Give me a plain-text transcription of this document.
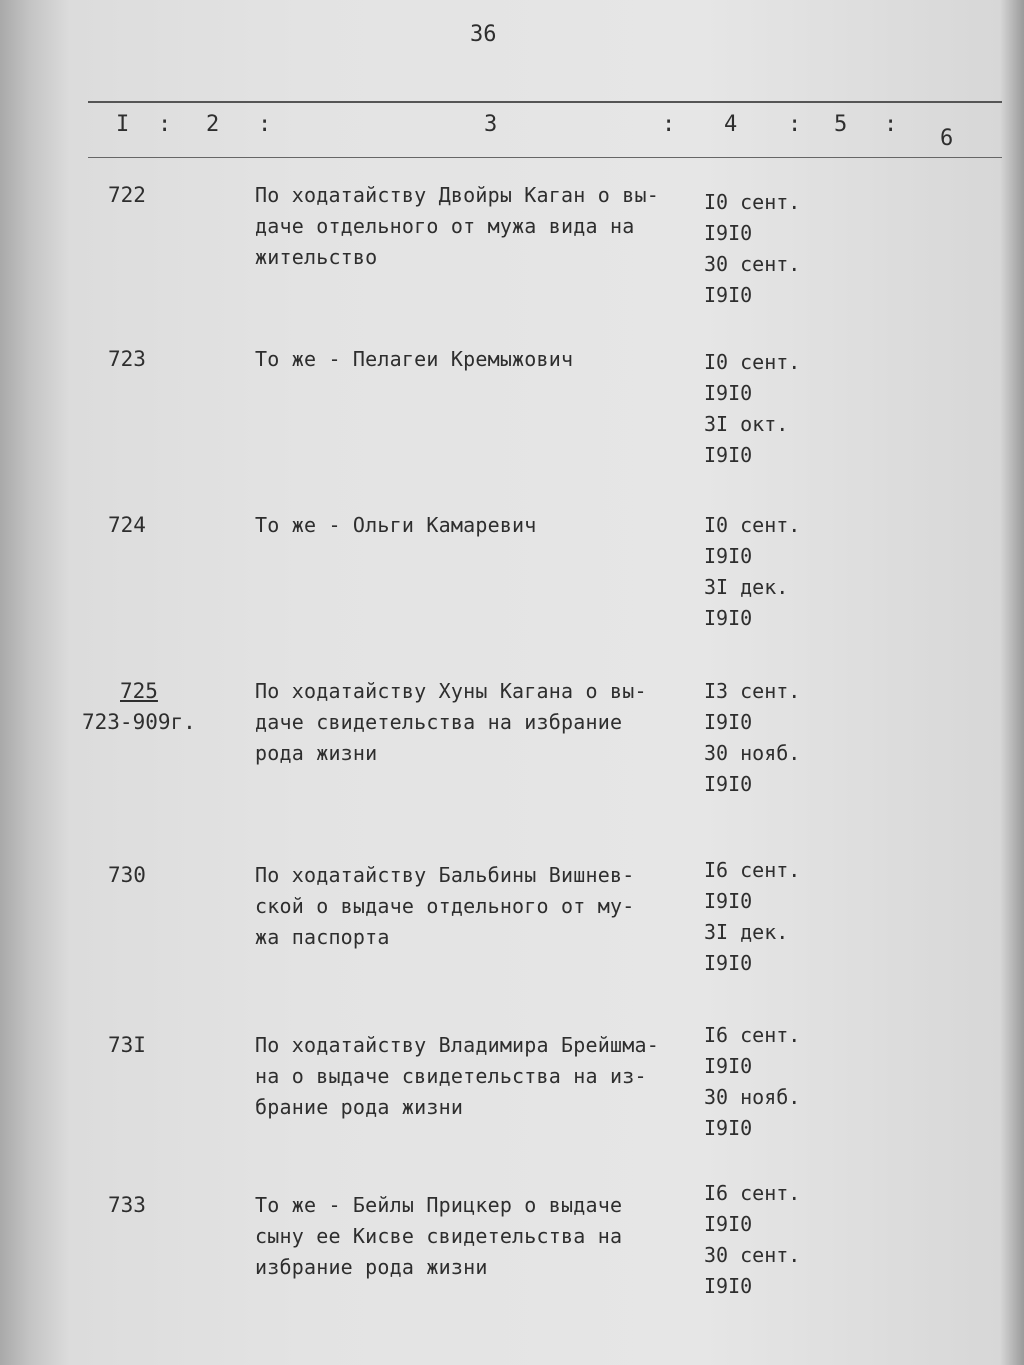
36
I : 2 :	3	: 4 : 5 :
6
722	По ходатайству Двойры Каган о вы-
даче отдельного от мужа вида на
жительство
I0 сент.
I9I0
30 сент.
I9I0
723	То же - Пелагеи Кремыжович	I0 сент.
I9I0
3I окт.
I9I0
724	То же - Ольги Камаревич	I0 сент.
I9I0
3I дек.
I9I0
725
723-909г.
По ходатайству Хуны Кагана о вы-
даче свидетельства на избрание
рода жизни
I3 сент.
I9I0
30 нояб.
I9I0
730	По ходатайству Бальбины Вишнев-
ской о выдаче отдельного от му-
жа паспорта
I6 сент.
I9I0
3I дек.
I9I0
73I	По ходатайству Владимира Брейшма-
на о выдаче свидетельства на из-
брание рода жизни
I6 сент.
I9I0
30 нояб.
I9I0
733	То же - Бейлы Прицкер о выдаче
сыну ее Кисве свидетельства на
избрание рода жизни
I6 сент.
I9I0
30 сент.
I9I0
